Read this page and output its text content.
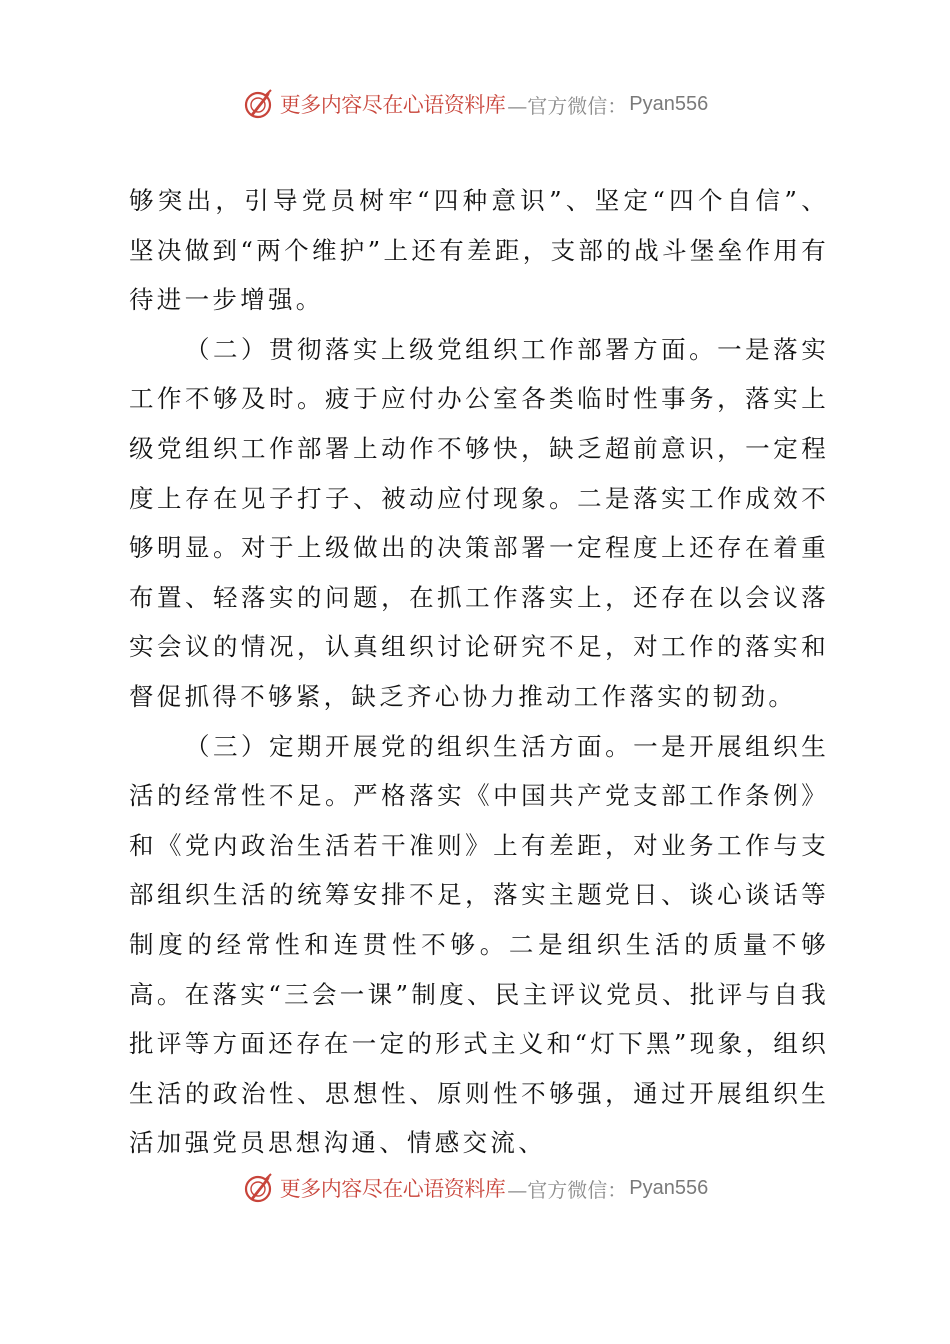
更多内容尽在心语资料库 —官方微信： Pyan556

够突出，引导党员树牢“四种意识”、坚定“四个自信”、坚决做到“两个维护”上还有差距，支部的战斗堡垒作用有待进一步增强。

（二）贯彻落实上级党组织工作部署方面。一是落实工作不够及时。疲于应付办公室各类临时性事务，落实上级党组织工作部署上动作不够快，缺乏超前意识，一定程度上存在见子打子、被动应付现象。二是落实工作成效不够明显。对于上级做出的决策部署一定程度上还存在着重布置、轻落实的问题，在抓工作落实上，还存在以会议落实会议的情况，认真组织讨论研究不足，对工作的落实和督促抓得不够紧，缺乏齐心协力推动工作落实的韧劲。

（三）定期开展党的组织生活方面。一是开展组织生活的经常性不足。严格落实《中国共产党支部工作条例》和《党内政治生活若干准则》上有差距，对业务工作与支部组织生活的统筹安排不足，落实主题党日、谈心谈话等制度的经常性和连贯性不够。二是组织生活的质量不够高。在落实“三会一课”制度、民主评议党员、批评与自我批评等方面还存在一定的形式主义和“灯下黑”现象，组织生活的政治性、思想性、原则性不够强，通过开展组织生活加强党员思想沟通、情感交流、

更多内容尽在心语资料库 —官方微信： Pyan556
